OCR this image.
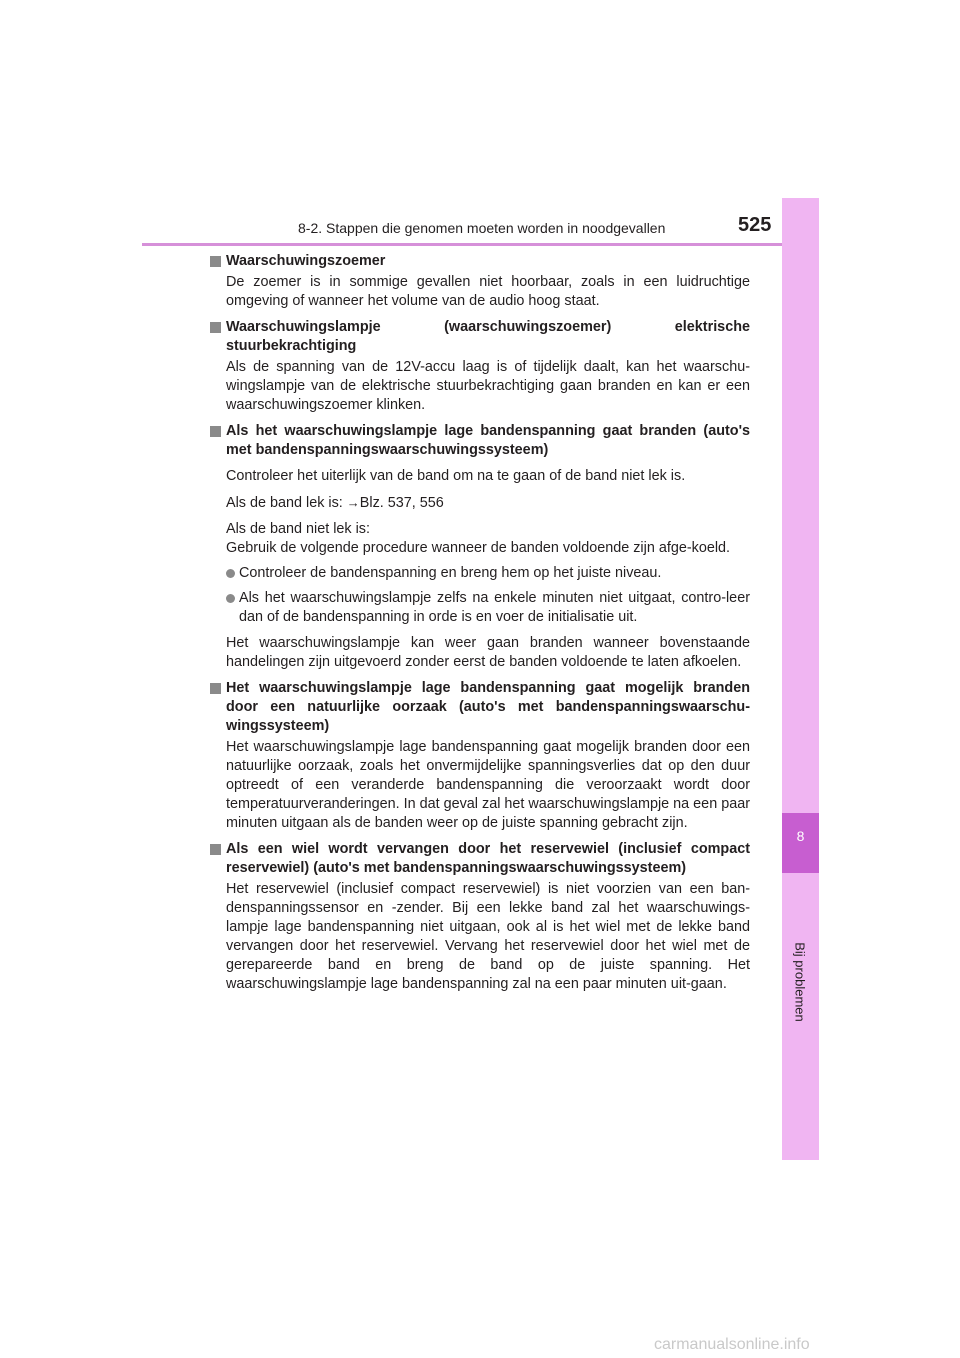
8-2. Stappen die genomen moeten worden in noodgevallen	525
8
Bij problemen
Waarschuwingszoemer
De zoemer is in sommige gevallen niet hoorbaar, zoals in een luidruchtige omgeving of wanneer het volume van de audio hoog staat.
Waarschuwingslampje (waarschuwingszoemer) elektrische stuurbekrachtiging
Als de spanning van de 12V-accu laag is of tijdelijk daalt, kan het waarschu-wingslampje van de elektrische stuurbekrachtiging gaan branden en kan er een waarschuwingszoemer klinken.
Als het waarschuwingslampje lage bandenspanning gaat branden (auto's met bandenspanningswaarschuwingssysteem)
Controleer het uiterlijk van de band om na te gaan of de band niet lek is.
Als de band lek is: →Blz. 537, 556
Als de band niet lek is:
Gebruik de volgende procedure wanneer de banden voldoende zijn afge-koeld.
Controleer de bandenspanning en breng hem op het juiste niveau.
Als het waarschuwingslampje zelfs na enkele minuten niet uitgaat, contro-leer dan of de bandenspanning in orde is en voer de initialisatie uit.
Het waarschuwingslampje kan weer gaan branden wanneer bovenstaande handelingen zijn uitgevoerd zonder eerst de banden voldoende te laten afkoelen.
Het waarschuwingslampje lage bandenspanning gaat mogelijk branden door een natuurlijke oorzaak (auto's met bandenspanningswaarschu-wingssysteem)
Het waarschuwingslampje lage bandenspanning gaat mogelijk branden door een natuurlijke oorzaak, zoals het onvermijdelijke spanningsverlies dat op den duur optreedt of een veranderde bandenspanning die veroorzaakt wordt door temperatuurveranderingen. In dat geval zal het waarschuwingslampje na een paar minuten uitgaan als de banden weer op de juiste spanning gebracht zijn.
Als een wiel wordt vervangen door het reservewiel (inclusief compact reservewiel) (auto's met bandenspanningswaarschuwingssysteem)
Het reservewiel (inclusief compact reservewiel) is niet voorzien van een ban-denspanningssensor en -zender. Bij een lekke band zal het waarschuwings-lampje lage bandenspanning niet uitgaan, ook al is het wiel met de lekke band vervangen door het reservewiel. Vervang het reservewiel door het wiel met de gerepareerde band en breng de band op de juiste spanning. Het waarschuwingslampje lage bandenspanning zal na een paar minuten uit-gaan.
carmanualsonline.info
